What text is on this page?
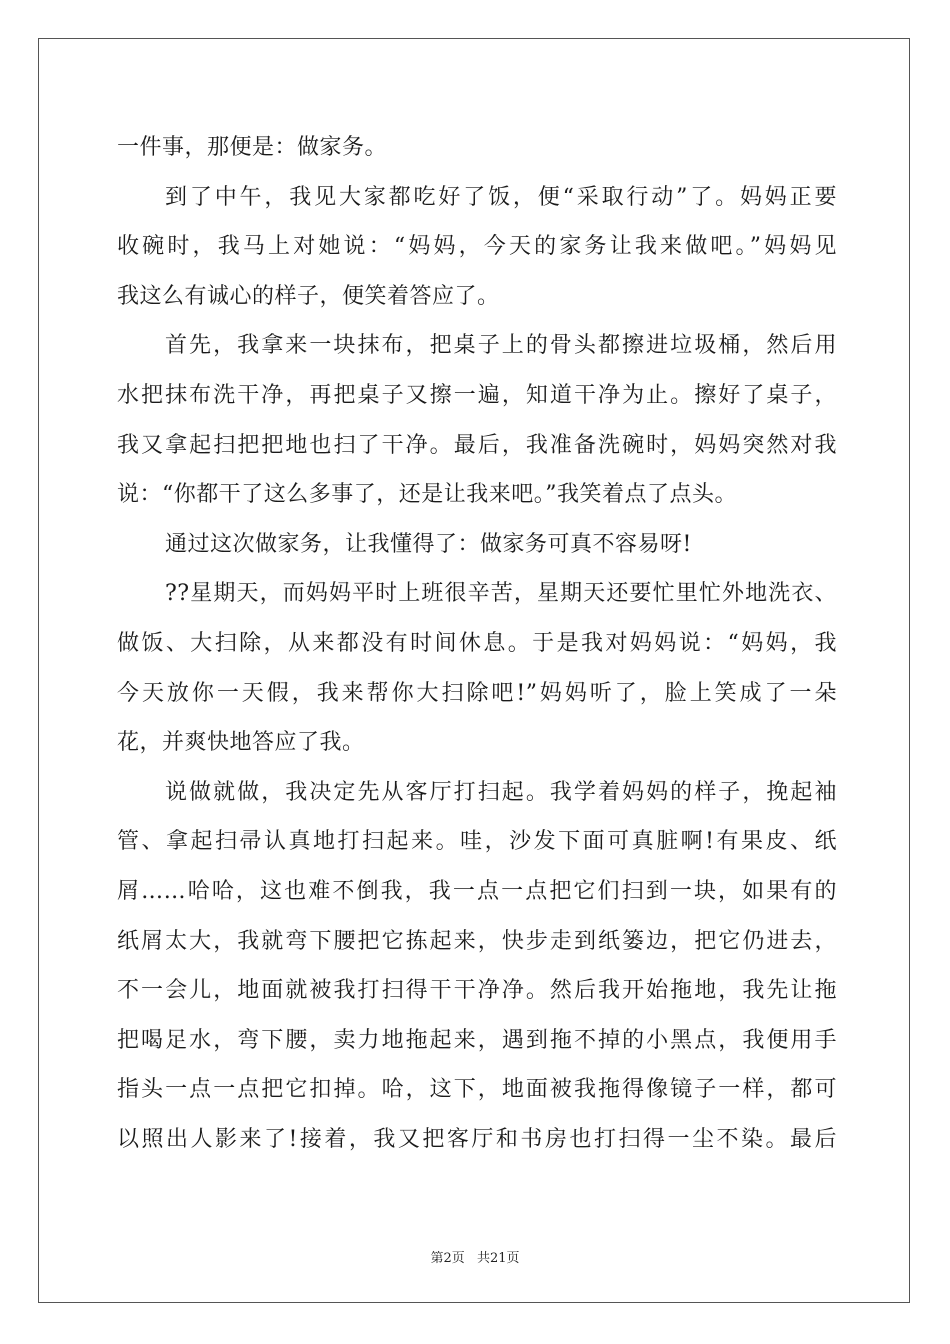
一件事，那便是：做家务。
到了中午，我见大家都吃好了饭，便“采取行动”了。妈妈正要
收碗时，我马上对她说：“妈妈，今天的家务让我来做吧。”妈妈见
我这么有诚心的样子，便笑着答应了。
首先，我拿来一块抹布，把桌子上的骨头都擦进垃圾桶，然后用
水把抹布洗干净，再把桌子又擦一遍，知道干净为止。擦好了桌子，
我又拿起扫把把地也扫了干净。最后，我准备洗碗时，妈妈突然对我
说：“你都干了这么多事了，还是让我来吧。”我笑着点了点头。
通过这次做家务，让我懂得了：做家务可真不容易呀!
??星期天，而妈妈平时上班很辛苦，星期天还要忙里忙外地洗衣、
做饭、大扫除，从来都没有时间休息。于是我对妈妈说：“妈妈，我
今天放你一天假，我来帮你大扫除吧!”妈妈听了，脸上笑成了一朵
花，并爽快地答应了我。
说做就做，我决定先从客厅打扫起。我学着妈妈的样子，挽起袖
管、拿起扫帚认真地打扫起来。哇，沙发下面可真脏啊!有果皮、纸
屑……哈哈，这也难不倒我，我一点一点把它们扫到一块，如果有的
纸屑太大，我就弯下腰把它拣起来，快步走到纸篓边，把它仍进去，
不一会儿，地面就被我打扫得干干净净。然后我开始拖地，我先让拖
把喝足水，弯下腰，卖力地拖起来，遇到拖不掉的小黑点，我便用手
指头一点一点把它扣掉。哈，这下，地面被我拖得像镜子一样，都可
以照出人影来了!接着，我又把客厅和书房也打扫得一尘不染。最后
第2页 共21页
